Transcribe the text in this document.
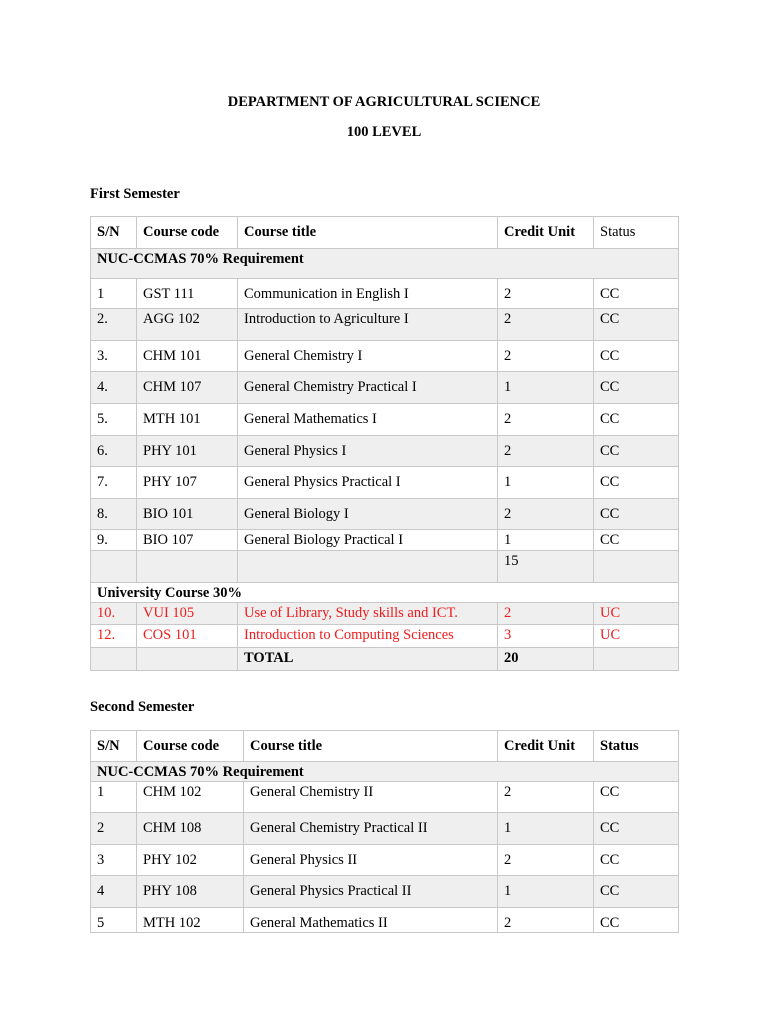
DEPARTMENT OF AGRICULTURAL SCIENCE
100 LEVEL
First Semester
S/N	Course code	Course title	Credit Unit	Status
NUC-CCMAS 70% Requirement				
1	GST 111	Communication in English I	2	CC
2.	AGG 102	Introduction to Agriculture I	2	CC
3.	CHM 101	General Chemistry I	2	CC
4.	CHM 107	General Chemistry Practical I	1	CC
5.	MTH 101	General Mathematics I	2	CC
6.	PHY 101	General Physics I	2	CC
7.	PHY 107	General Physics Practical I	1	CC
8.	BIO 101	General Biology I	2	CC
9.	BIO 107	General Biology Practical I	1	CC
			15	
University Course 30%				
10.	VUI 105	Use of Library, Study skills and ICT.	2	UC
12.	COS 101	Introduction to Computing Sciences	3	UC
		TOTAL	20	
Second Semester
S/N	Course code	Course title	Credit Unit	Status
NUC-CCMAS 70% Requirement				
1	CHM 102	General Chemistry II	2	CC
2	CHM 108	General Chemistry Practical II	1	CC
3	PHY 102	General Physics II	2	CC
4	PHY 108	General Physics Practical II	1	CC
5	MTH 102	General Mathematics II	2	CC
